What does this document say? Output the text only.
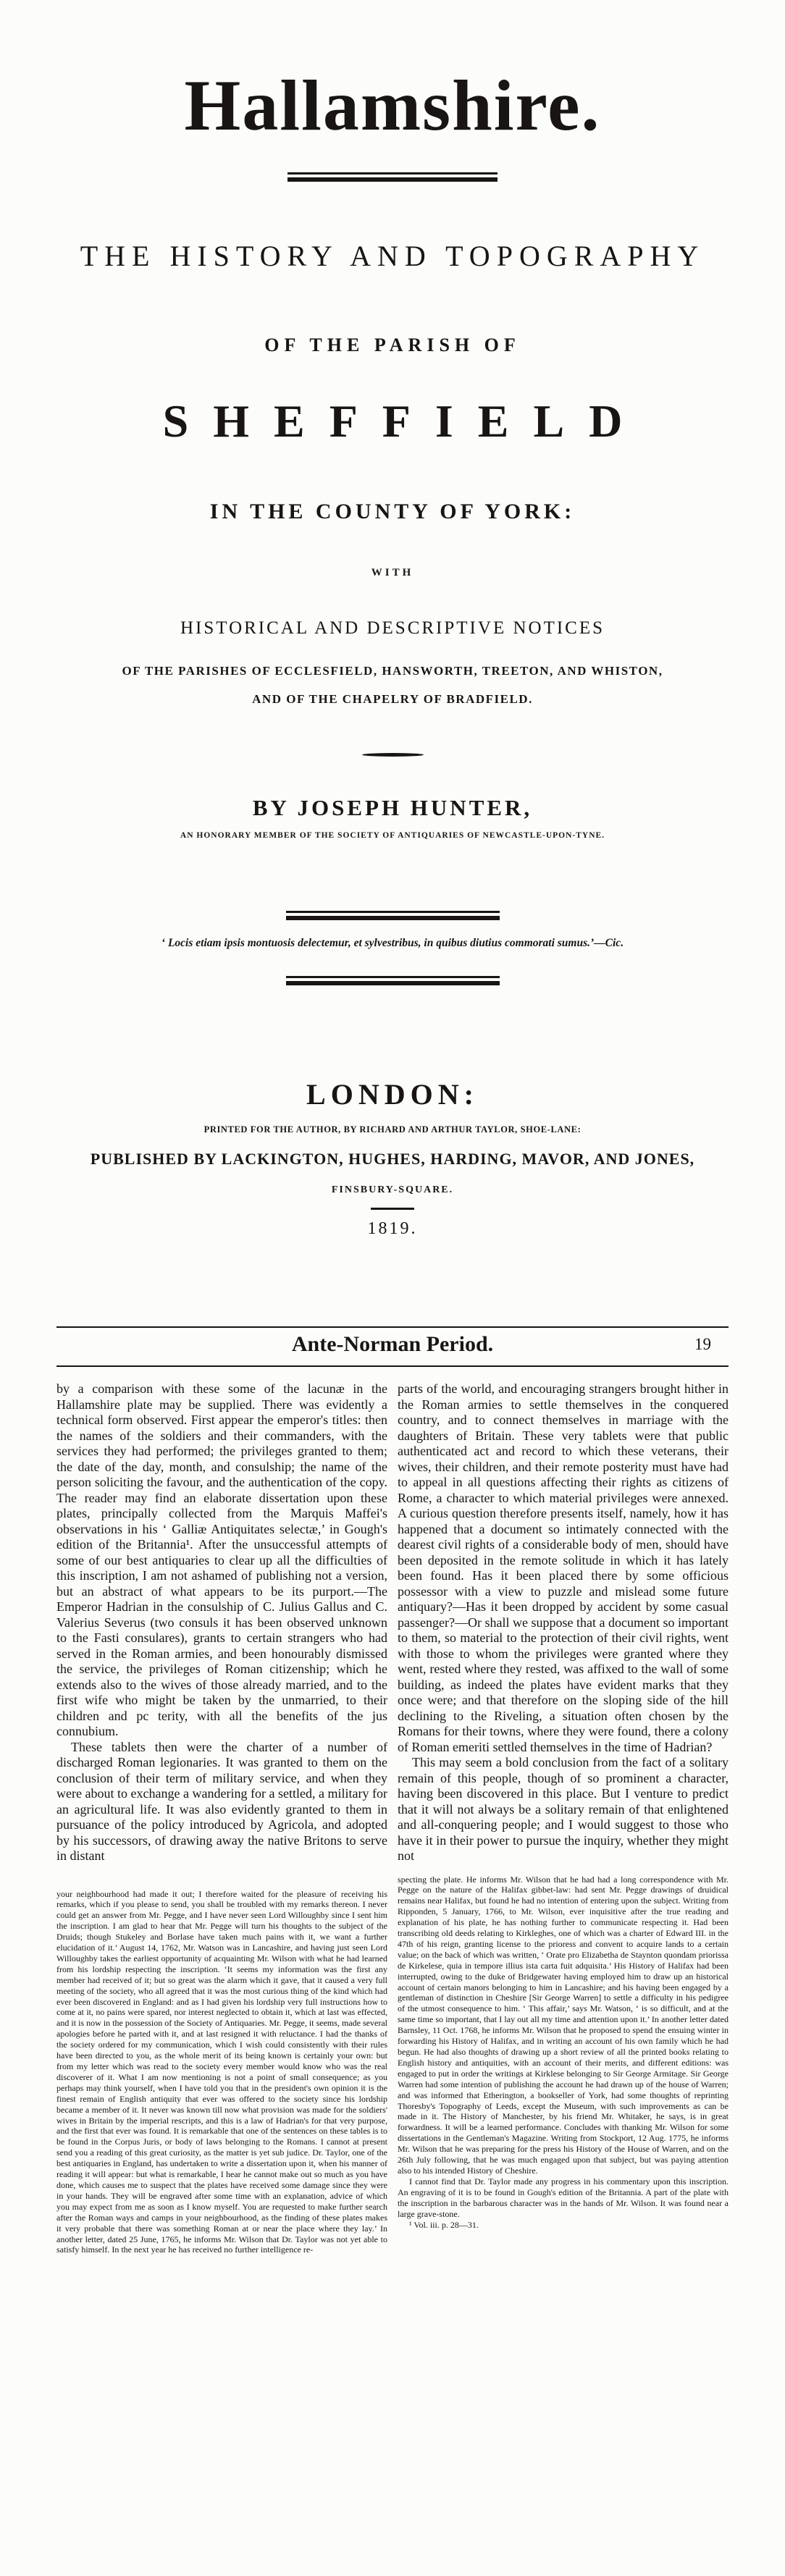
Hallamshire.
THE HISTORY AND TOPOGRAPHY
OF THE PARISH OF
SHEFFIELD
IN THE COUNTY OF YORK:
WITH
HISTORICAL AND DESCRIPTIVE NOTICES
OF THE PARISHES OF ECCLESFIELD, HANSWORTH, TREETON, AND WHISTON,
AND OF THE CHAPELRY OF BRADFIELD.
BY JOSEPH HUNTER,
AN HONORARY MEMBER OF THE SOCIETY OF ANTIQUARIES OF NEWCASTLE-UPON-TYNE.
‘ Locis etiam ipsis montuosis delectemur, et sylvestribus, in quibus diutius commorati sumus.’—Cic.
LONDON:
PRINTED FOR THE AUTHOR, BY RICHARD AND ARTHUR TAYLOR, SHOE-LANE:
PUBLISHED BY LACKINGTON, HUGHES, HARDING, MAVOR, AND JONES,
FINSBURY-SQUARE.
1819.
Ante-Norman Period.	19

by a comparison with these some of the lacunæ in the Hallamshire plate may be supplied. There was evidently a technical form observed. First appear the emperor's titles: then the names of the soldiers and their commanders, with the services they had performed; the privileges granted to them; the date of the day, month, and consulship; the name of the person soliciting the favour, and the authentication of the copy. The reader may find an elaborate dissertation upon these plates, principally collected from the Marquis Maffei's observations in his ‘ Galliæ Antiquitates selectæ,’ in Gough's edition of the Britannia¹. After the unsuccessful attempts of some of our best antiquaries to clear up all the difficulties of this inscription, I am not ashamed of publishing not a version, but an abstract of what appears to be its purport.—The Emperor Hadrian in the consulship of C. Julius Gallus and C. Valerius Severus (two consuls it has been observed unknown to the Fasti consulares), grants to certain strangers who had served in the Roman armies, and been honourably dismissed the service, the privileges of Roman citizenship; which he extends also to the wives of those already married, and to the first wife who might be taken by the unmarried, to their children and pc terity, with all the benefits of the jus connubium.

These tablets then were the charter of a number of discharged Roman legionaries. It was granted to them on the conclusion of their term of military service, and when they were about to exchange a wandering for a settled, a military for an agricultural life. It was also evidently granted to them in pursuance of the policy introduced by Agricola, and adopted by his successors, of drawing away the native Britons to serve in distant

your neighbourhood had made it out; I therefore waited for the pleasure of receiving his remarks, which if you please to send, you shall be troubled with my remarks thereon. I never could get an answer from Mr. Pegge, and I have never seen Lord Willoughby since I sent him the inscription. I am glad to hear that Mr. Pegge will turn his thoughts to the subject of the Druids; though Stukeley and Borlase have taken much pains with it, we want a further elucidation of it.’ August 14, 1762, Mr. Watson was in Lancashire, and having just seen Lord Willoughby takes the earliest opportunity of acquainting Mr. Wilson with what he had learned from his lordship respecting the inscription. ‘It seems my information was the first any member had received of it; but so great was the alarm which it gave, that it caused a very full meeting of the society, who all agreed that it was the most curious thing of the kind which had ever been discovered in England: and as I had given his lordship very full instructions how to come at it, no pains were spared, nor interest neglected to obtain it, which at last was effected, and it is now in the possession of the Society of Antiquaries. Mr. Pegge, it seems, made several apologies before he parted with it, and at last resigned it with reluctance. I had the thanks of the society ordered for my communication, which I wish could consistently with their rules have been directed to you, as the whole merit of its being known is certainly your own: but from my letter which was read to the society every member would know who was the real discoverer of it. What I am now mentioning is not a point of small consequence; as you perhaps may think yourself, when I have told you that in the president's own opinion it is the finest remain of English antiquity that ever was offered to the society since his lordship became a member of it. It never was known till now what provision was made for the soldiers' wives in Britain by the imperial rescripts, and this is a law of Hadrian's for that very purpose, and the first that ever was found. It is remarkable that one of the sentences on these tables is to be found in the Corpus Juris, or body of laws belonging to the Romans. I cannot at present send you a reading of this great curiosity, as the matter is yet sub judice. Dr. Taylor, one of the best antiquaries in England, has undertaken to write a dissertation upon it, when his manner of reading it will appear: but what is remarkable, I hear he cannot make out so much as you have done, which causes me to suspect that the plates have received some damage since they were in your hands. They will be engraved after some time with an explanation, advice of which you may expect from me as soon as I know myself. You are requested to make further search after the Roman ways and camps in your neighbourhood, as the finding of these plates makes it very probable that there was something Roman at or near the place where they lay.’ In another letter, dated 25 June, 1765, he informs Mr. Wilson that Dr. Taylor was not yet able to satisfy himself. In the next year he has received no further intelligence re-

parts of the world, and encouraging strangers brought hither in the Roman armies to settle themselves in the conquered country, and to connect themselves in marriage with the daughters of Britain. These very tablets were that public authenticated act and record to which these veterans, their wives, their children, and their remote posterity must have had to appeal in all questions affecting their rights as citizens of Rome, a character to which material privileges were annexed. A curious question therefore presents itself, namely, how it has happened that a document so intimately connected with the dearest civil rights of a considerable body of men, should have been deposited in the remote solitude in which it has lately been found. Has it been placed there by some officious possessor with a view to puzzle and mislead some future antiquary?—Has it been dropped by accident by some casual passenger?—Or shall we suppose that a document so important to them, so material to the protection of their civil rights, went with those to whom the privileges were granted where they went, rested where they rested, was affixed to the wall of some building, as indeed the plates have evident marks that they once were; and that therefore on the sloping side of the hill declining to the Riveling, a situation often chosen by the Romans for their towns, where they were found, there a colony of Roman emeriti settled themselves in the time of Hadrian?

This may seem a bold conclusion from the fact of a solitary remain of this people, though of so prominent a character, having been discovered in this place. But I venture to predict that it will not always be a solitary remain of that enlightened and all-conquering people; and I would suggest to those who have it in their power to pursue the inquiry, whether they might not

specting the plate. He informs Mr. Wilson that he had had a long correspondence with Mr. Pegge on the nature of the Halifax gibbet-law: had sent Mr. Pegge drawings of druidical remains near Halifax, but found he had no intention of entering upon the subject. Writing from Ripponden, 5 January, 1766, to Mr. Wilson, ever inquisitive after the true reading and explanation of his plate, he has nothing further to communicate respecting it. Had been transcribing old deeds relating to Kirkleghes, one of which was a charter of Edward III. in the 47th of his reign, granting license to the prioress and convent to acquire lands to a certain value; on the back of which was written, ‘ Orate pro Elizabetha de Staynton quondam priorissa de Kirkelese, quia in tempore illius ista carta fuit adquisita.’ His History of Halifax had been interrupted, owing to the duke of Bridgewater having employed him to draw up an historical account of certain manors belonging to him in Lancashire; and his having been engaged by a gentleman of distinction in Cheshire [Sir George Warren] to settle a difficulty in his pedigree of the utmost consequence to him. ‘ This affair,’ says Mr. Watson, ‘ is so difficult, and at the same time so important, that I lay out all my time and attention upon it.’ In another letter dated Barnsley, 11 Oct. 1768, he informs Mr. Wilson that he proposed to spend the ensuing winter in forwarding his History of Halifax, and in writing an account of his own family which he had begun. He had also thoughts of drawing up a short review of all the printed books relating to English history and antiquities, with an account of their merits, and different editions: was engaged to put in order the writings at Kirklese belonging to Sir George Armitage. Sir George Warren had some intention of publishing the account he had drawn up of the house of Warren; and was informed that Etherington, a bookseller of York, had some thoughts of reprinting Thoresby's Topography of Leeds, except the Museum, with such improvements as can be made in it. The History of Manchester, by his friend Mr. Whitaker, he says, is in great forwardness. It will be a learned performance. Concludes with thanking Mr. Wilson for some dissertations in the Gentleman's Magazine. Writing from Stockport, 12 Aug. 1775, he informs Mr. Wilson that he was preparing for the press his History of the House of Warren, and on the 26th July following, that he was much engaged upon that subject, but was paying attention also to his intended History of Cheshire.

I cannot find that Dr. Taylor made any progress in his commentary upon this inscription. An engraving of it is to be found in Gough's edition of the Britannia. A part of the plate with the inscription in the barbarous character was in the hands of Mr. Wilson. It was found near a large grave-stone.

¹ Vol. iii. p. 28—31.
